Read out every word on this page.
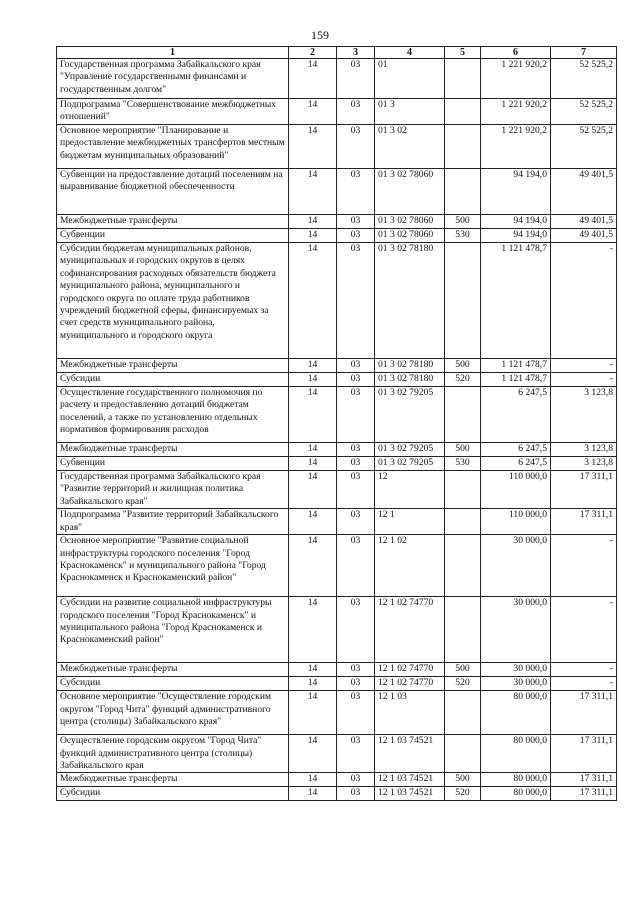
159
1	2	3	4	5	6	7
Государственная программа Забайкальского края "Управление государственными финансами и государственным долгом"	14	03	01		1 221 920,2	52 525,2
Подпрограмма "Совершенствование межбюджетных отношений"	14	03	01 3		1 221 920,2	52 525,2
Основное мероприятие "Планирование и предоставление межбюджетных трансфертов местным бюджетам муниципальных образований"	14	03	01 3 02		1 221 920,2	52 525,2
Субвенции на предоставление дотаций поселениям на выравнивание бюджетной обеспеченности	14	03	01 3 02 78060		94 194,0	49 401,5
Межбюджетные трансферты	14	03	01 3 02 78060	500	94 194,0	49 401,5
Субвенции	14	03	01 3 02 78060	530	94 194,0	49 401,5
Субсидии бюджетам муниципальных районов, муниципальных и городских округов в целях софинансирования расходных обязательств бюджета муниципального района, муниципального и городского округа по оплате труда работников учреждений бюджетной сферы, финансируемых за счет средств муниципального района, муниципального и городского округа	14	03	01 3 02 78180		1 121 478,7	-
Межбюджетные трансферты	14	03	01 3 02 78180	500	1 121 478,7	-
Субсидии	14	03	01 3 02 78180	520	1 121 478,7	-
Осуществление государственного полномочия по расчету и предоставлению дотаций бюджетам поселений, а также по установлению отдельных нормативов формирования расходов	14	03	01 3 02 79205		6 247,5	3 123,8
Межбюджетные трансферты	14	03	01 3 02 79205	500	6 247,5	3 123,8
Субвенции	14	03	01 3 02 79205	530	6 247,5	3 123,8
Государственная программа Забайкальского края "Развитие территорий и жилищная политика Забайкальского края"	14	03	12		110 000,0	17 311,1
Подпрограмма "Развитие территорий Забайкальского края"	14	03	12 1		110 000,0	17 311,1
Основное мероприятие "Развитие социальной инфраструктуры городского поселения "Город Краснокаменск" и муниципального района "Город Краснокаменск и Краснокаменский район"	14	03	12 1 02		30 000,0	-
Субсидии на развитие социальной инфраструктуры городского поселения "Город Краснокаменск" и муниципального района "Город Краснокаменск и Краснокаменский район"	14	03	12 1 02 74770		30 000,0	-
Межбюджетные трансферты	14	03	12 1 02 74770	500	30 000,0	-
Субсидии	14	03	12 1 02 74770	520	30 000,0	-
Основное мероприятие "Осуществление городским округом "Город Чита" функций административного центра (столицы) Забайкальского края"	14	03	12 1 03		80 000,0	17 311,1
Осуществление городским округом "Город Чита" функций административного центра (столицы) Забайкальского края	14	03	12 1 03 74521		80 000,0	17 311,1
Межбюджетные трансферты	14	03	12 1 03 74521	500	80 000,0	17 311,1
Субсидии	14	03	12 1 03 74521	520	80 000,0	17 311,1
